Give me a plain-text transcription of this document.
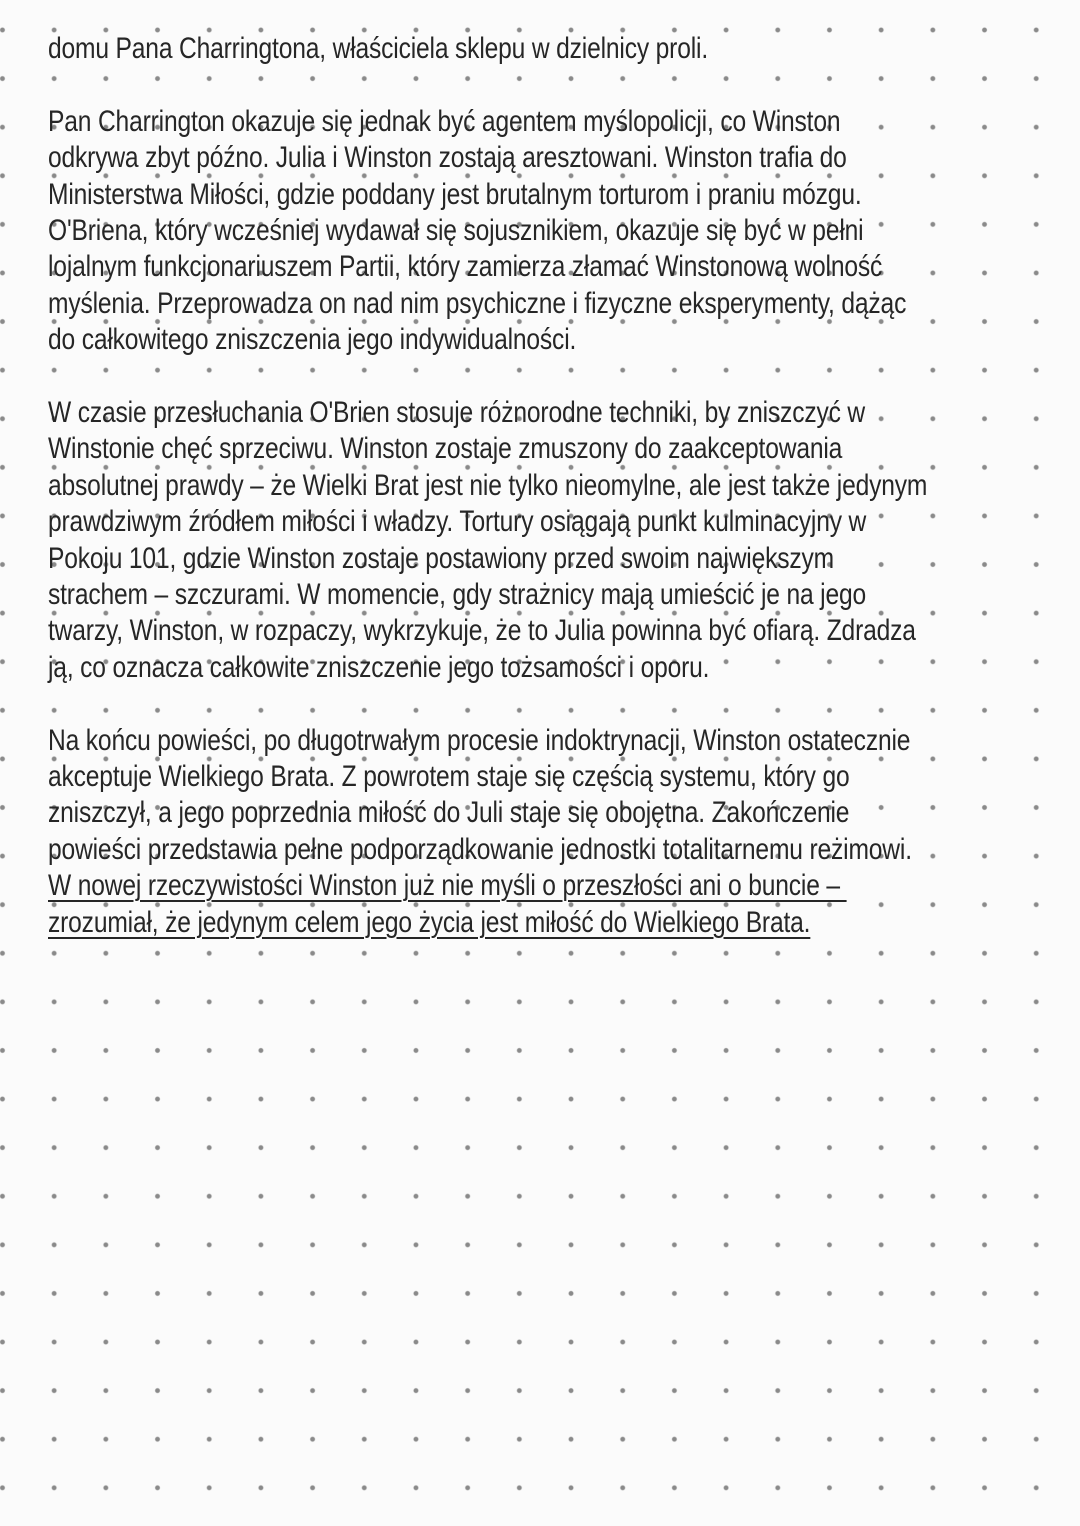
domu Pana Charringtona, właściciela sklepu w dzielnicy proli.
Pan Charrington okazuje się jednak być agentem myślopolicji, co Winston
odkrywa zbyt późno. Julia i Winston zostają aresztowani. Winston trafia do
Ministerstwa Miłości, gdzie poddany jest brutalnym torturom i praniu mózgu.
O'Briena, który wcześniej wydawał się sojusznikiem, okazuje się być w pełni
lojalnym funkcjonariuszem Partii, który zamierza złamać Winstonową wolność
myślenia. Przeprowadza on nad nim psychiczne i fizyczne eksperymenty, dążąc
do całkowitego zniszczenia jego indywidualności.
W czasie przesłuchania O'Brien stosuje różnorodne techniki, by zniszczyć w
Winstonie chęć sprzeciwu. Winston zostaje zmuszony do zaakceptowania
absolutnej prawdy – że Wielki Brat jest nie tylko nieomylne, ale jest także jedynym
prawdziwym źródłem miłości i władzy. Tortury osiągają punkt kulminacyjny w
Pokoju 101, gdzie Winston zostaje postawiony przed swoim największym
strachem – szczurami. W momencie, gdy strażnicy mają umieścić je na jego
twarzy, Winston, w rozpaczy, wykrzykuje, że to Julia powinna być ofiarą. Zdradza
ją, co oznacza całkowite zniszczenie jego tożsamości i oporu.
Na końcu powieści, po długotrwałym procesie indoktrynacji, Winston ostatecznie
akceptuje Wielkiego Brata. Z powrotem staje się częścią systemu, który go
zniszczył, a jego poprzednia miłość do Juli staje się obojętna. Zakończenie
powieści przedstawia pełne podporządkowanie jednostki totalitarnemu reżimowi.
W nowej rzeczywistości Winston już nie myśli o przeszłości ani o buncie –
zrozumiał, że jedynym celem jego życia jest miłość do Wielkiego Brata.
